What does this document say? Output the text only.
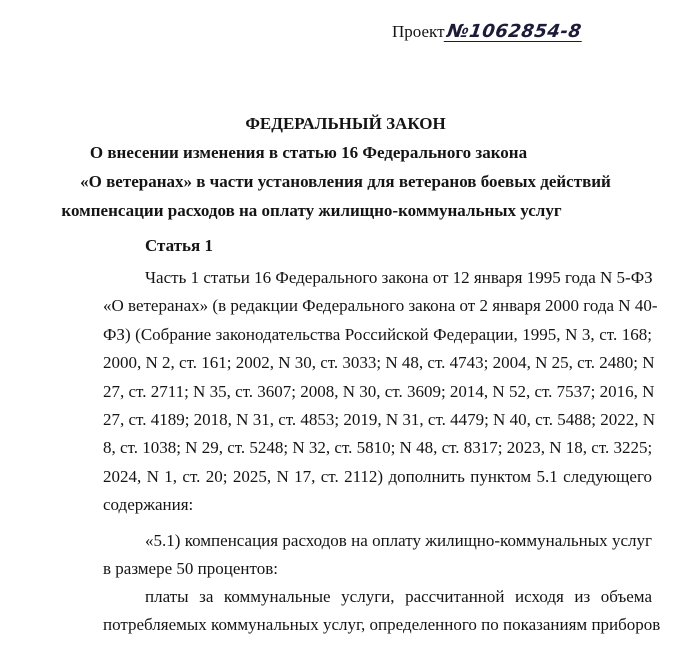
Проект№1062854-8
ФЕДЕРАЛЬНЫЙ ЗАКОН
О внесении изменения в статью 16 Федерального закона
«О ветеранах» в части установления для ветеранов боевых действий
компенсации расходов на оплату жилищно-коммунальных услуг
Статья 1
Часть 1 статьи 16 Федерального закона от 12 января 1995 года N 5-ФЗ
«О ветеранах» (в редакции Федерального закона от 2 января 2000 года N 40-
ФЗ) (Собрание законодательства Российской Федерации, 1995, N 3, ст. 168;
2000, N 2, ст. 161; 2002, N 30, ст. 3033; N 48, ст. 4743; 2004, N 25, ст. 2480; N
27, ст. 2711; N 35, ст. 3607; 2008, N 30, ст. 3609; 2014, N 52, ст. 7537; 2016, N
27, ст. 4189; 2018, N 31, ст. 4853; 2019, N 31, ст. 4479; N 40, ст. 5488; 2022, N
8, ст. 1038; N 29, ст. 5248; N 32, ст. 5810; N 48, ст. 8317; 2023, N 18, ст. 3225;
2024, N 1, ст. 20; 2025, N 17, ст. 2112) дополнить пунктом 5.1 следующего
содержания:
«5.1) компенсация расходов на оплату жилищно-коммунальных услуг
в размере 50 процентов:
платы за коммунальные услуги, рассчитанной исходя из объема
потребляемых коммунальных услуг, определенного по показаниям приборов
